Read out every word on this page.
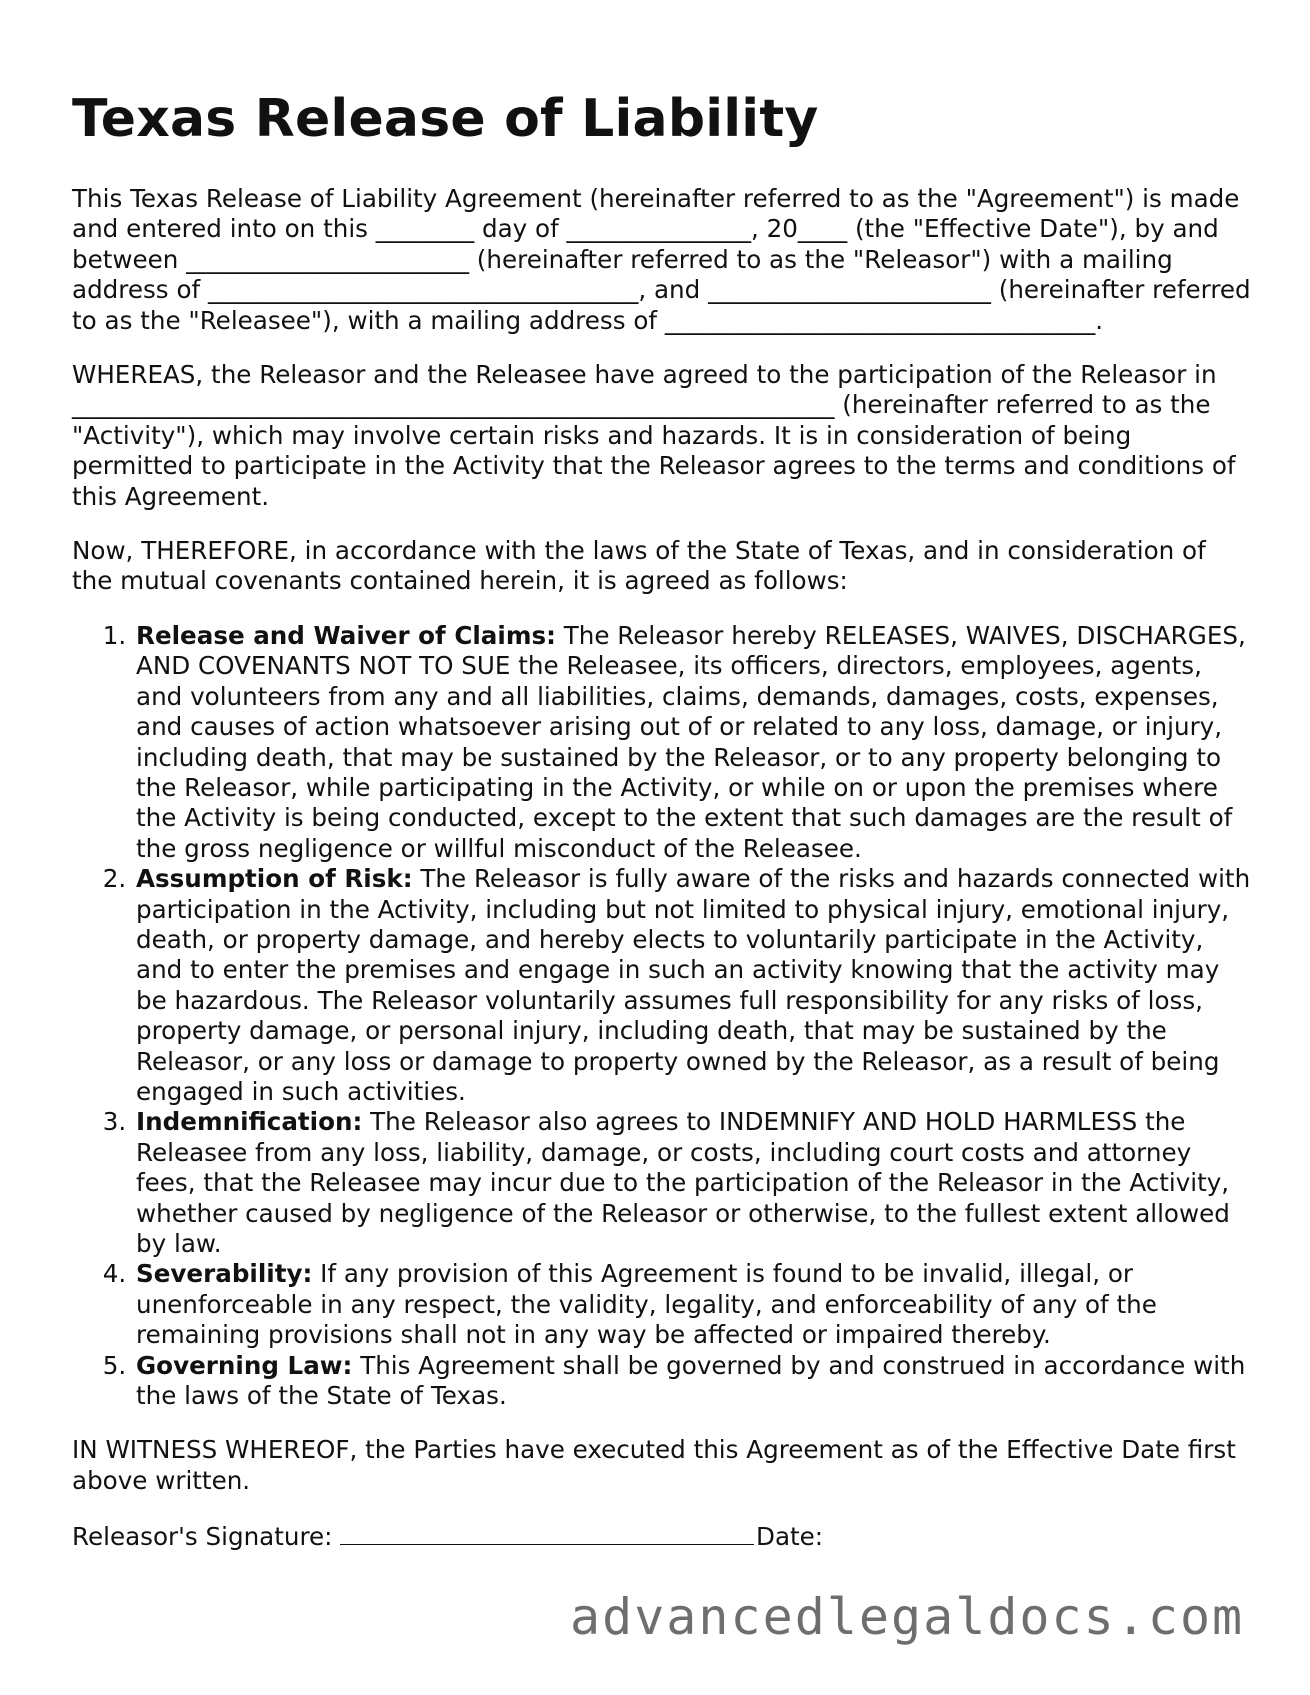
Texas Release of Liability

This Texas Release of Liability Agreement (hereinafter referred to as the "Agreement") is made and entered into on this ________ day of _______________, 20____ (the "Effective Date"), by and between _______________________ (hereinafter referred to as the "Releasor") with a mailing address of ___________________________________, and _______________________ (hereinafter referred to as the "Releasee"), with a mailing address of ___________________________________.

WHEREAS, the Releasor and the Releasee have agreed to the participation of the Releasor in ______________________________________________________________ (hereinafter referred to as the "Activity"), which may involve certain risks and hazards. It is in consideration of being permitted to participate in the Activity that the Releasor agrees to the terms and conditions of this Agreement.

Now, THEREFORE, in accordance with the laws of the State of Texas, and in consideration of the mutual covenants contained herein, it is agreed as follows:

1. Release and Waiver of Claims: The Releasor hereby RELEASES, WAIVES, DISCHARGES, AND COVENANTS NOT TO SUE the Releasee, its officers, directors, employees, agents, and volunteers from any and all liabilities, claims, demands, damages, costs, expenses, and causes of action whatsoever arising out of or related to any loss, damage, or injury, including death, that may be sustained by the Releasor, or to any property belonging to the Releasor, while participating in the Activity, or while on or upon the premises where the Activity is being conducted, except to the extent that such damages are the result of the gross negligence or willful misconduct of the Releasee.
2. Assumption of Risk: The Releasor is fully aware of the risks and hazards connected with participation in the Activity, including but not limited to physical injury, emotional injury, death, or property damage, and hereby elects to voluntarily participate in the Activity, and to enter the premises and engage in such an activity knowing that the activity may be hazardous. The Releasor voluntarily assumes full responsibility for any risks of loss, property damage, or personal injury, including death, that may be sustained by the Releasor, or any loss or damage to property owned by the Releasor, as a result of being engaged in such activities.
3. Indemnification: The Releasor also agrees to INDEMNIFY AND HOLD HARMLESS the Releasee from any loss, liability, damage, or costs, including court costs and attorney fees, that the Releasee may incur due to the participation of the Releasor in the Activity, whether caused by negligence of the Releasor or otherwise, to the fullest extent allowed by law.
4. Severability: If any provision of this Agreement is found to be invalid, illegal, or unenforceable in any respect, the validity, legality, and enforceability of any of the remaining provisions shall not in any way be affected or impaired thereby.
5. Governing Law: This Agreement shall be governed by and construed in accordance with the laws of the State of Texas.

IN WITNESS WHEREOF, the Parties have executed this Agreement as of the Effective Date first above written.

Releasor's Signature:	Date:
advancedlegaldocs.com
